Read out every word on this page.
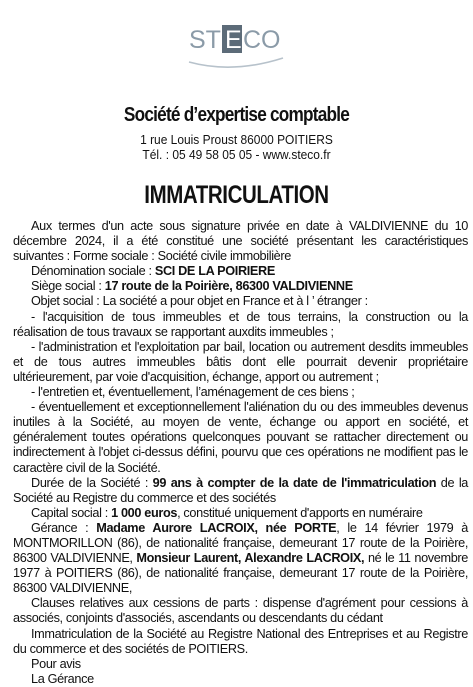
ST E CO
Société d’expertise comptable
1 rue Louis Proust 86000 POITIERS
Tél. : 05 49 58 05 05 - www.steco.fr
IMMATRICULATION

Aux termes d'un acte sous signature privée en date à VALDIVIENNE du 10 décembre 2024, il a été constitué une société présentant les caractéristiques suivantes : Forme sociale : Société civile immobilière

Dénomination sociale : SCI DE LA POIRIERE

Siège social : 17 route de la Poirière, 86300 VALDIVIENNE

Objet social : La société a pour objet en France et à l ’ étranger :

- l'acquisition de tous immeubles et de tous terrains, la construction ou la réalisation de tous travaux se rapportant auxdits immeubles ;

- l'administration et l'exploitation par bail, location ou autrement desdits immeubles et de tous autres immeubles bâtis dont elle pourrait devenir propriétaire ultérieurement, par voie d'acquisition, échange, apport ou autrement ;

- l'entretien et, éventuellement, l’aménagement de ces biens ;

- éventuellement et exceptionnellement l'aliénation du ou des immeubles devenus inutiles à la Société, au moyen de vente, échange ou apport en société, et généralement toutes opérations quelconques pouvant se rattacher directement ou indirectement à l'objet ci-dessus défini, pourvu que ces opérations ne modifient pas le caractère civil de la Société.

Durée de la Société : 99 ans à compter de la date de l'immatriculation de la Société au Registre du commerce et des sociétés

Capital social : 1 000 euros, constitué uniquement d'apports en numéraire

Gérance : Madame Aurore LACROIX, née PORTE, le 14 février 1979 à MONTMORILLON (86), de nationalité française, demeurant 17 route de la Poirière, 86300 VALDIVIENNE, Monsieur Laurent, Alexandre LACROIX, né le 11 novembre 1977 à POITIERS (86), de nationalité française, demeurant 17 route de la Poirière, 86300 VALDIVIENNE,

Clauses relatives aux cessions de parts : dispense d'agrément pour cessions à associés, conjoints d'associés, ascendants ou descendants du cédant

Immatriculation de la Société au Registre National des Entreprises et au Registre du commerce et des sociétés de POITIERS.

Pour avis

La Gérance
